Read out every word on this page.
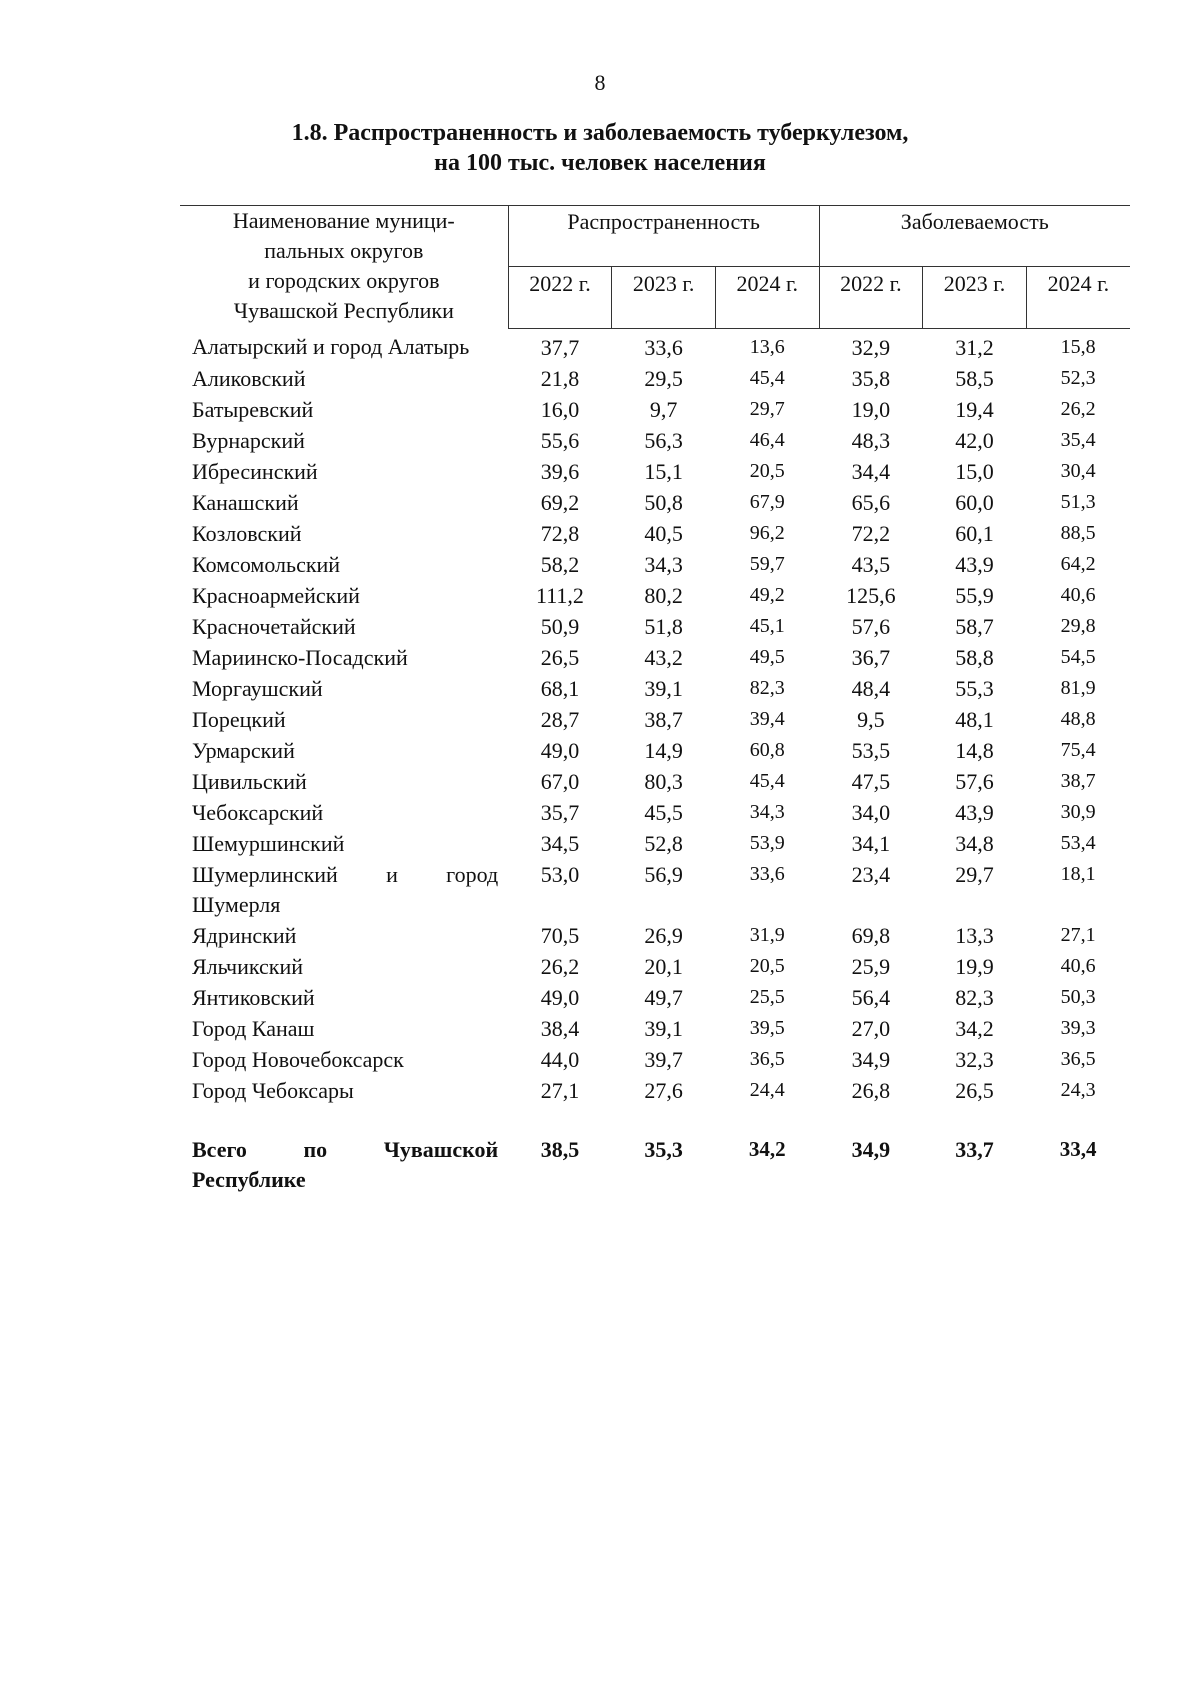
8
1.8. Распространенность и заболеваемость туберкулезом,
на 100 тыс. человек населения
Наименование муници-
пальных округов
и городских округов
Чувашской Республики	Распространенность			Заболеваемость		
	2022 г.	2023 г.	2024 г.	2022 г.	2023 г.	2024 г.
Алатырский и город Алатырь	37,7	33,6	13,6	32,9	31,2	15,8
Аликовский	21,8	29,5	45,4	35,8	58,5	52,3
Батыревский	16,0	9,7	29,7	19,0	19,4	26,2
Вурнарский	55,6	56,3	46,4	48,3	42,0	35,4
Ибресинский	39,6	15,1	20,5	34,4	15,0	30,4
Канашский	69,2	50,8	67,9	65,6	60,0	51,3
Козловский	72,8	40,5	96,2	72,2	60,1	88,5
Комсомольский	58,2	34,3	59,7	43,5	43,9	64,2
Красноармейский	111,2	80,2	49,2	125,6	55,9	40,6
Красночетайский	50,9	51,8	45,1	57,6	58,7	29,8
Мариинско-Посадский	26,5	43,2	49,5	36,7	58,8	54,5
Моргаушский	68,1	39,1	82,3	48,4	55,3	81,9
Порецкий	28,7	38,7	39,4	9,5	48,1	48,8
Урмарский	49,0	14,9	60,8	53,5	14,8	75,4
Цивильский	67,0	80,3	45,4	47,5	57,6	38,7
Чебоксарский	35,7	45,5	34,3	34,0	43,9	30,9
Шемуршинский	34,5	52,8	53,9	34,1	34,8	53,4
Шумерлинский и город Шумерля	53,0	56,9	33,6	23,4	29,7	18,1
Ядринский	70,5	26,9	31,9	69,8	13,3	27,1
Яльчикский	26,2	20,1	20,5	25,9	19,9	40,6
Янтиковский	49,0	49,7	25,5	56,4	82,3	50,3
Город Канаш	38,4	39,1	39,5	27,0	34,2	39,3
Город Новочебоксарск	44,0	39,7	36,5	34,9	32,3	36,5
Город Чебоксары	27,1	27,6	24,4	26,8	26,5	24,3

Всего по Чувашской Республике	38,5	35,3	34,2	34,9	33,7	33,4
